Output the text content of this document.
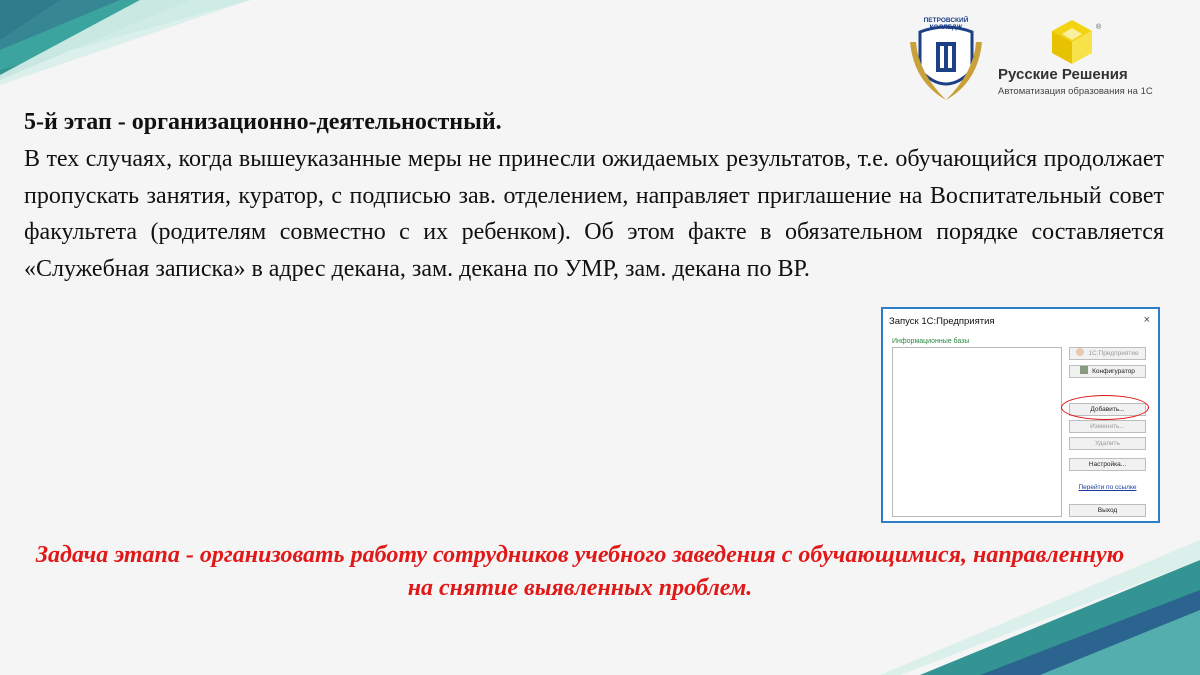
ПЕТРОВСКИЙ
КОЛЛЕДЖ	®
Русские Решения
Автоматизация образования на 1С
5-й этап - организационно-деятельностный.
В тех случаях, когда вышеуказанные меры не принесли ожидаемых результатов, т.е. обучающийся продолжает пропускать занятия, куратор, с подписью зав. отделением, направляет приглашение на Воспитательный совет факультета (родителям совместно с их ребенком). Об этом факте в обязательном порядке составляется «Служебная записка» в адрес декана, зам. декана по УМР, зам. декана по ВР.
Запуск 1С:Предприятия	×
Информационные базы
1С:Предприятие
Конфигуратор
Добавить...
Изменить...
Удалить
Настройка...
Перейти по ссылке
Выход
Задача этапа - организовать работу сотрудников учебного заведения с обучающимися, направленную на снятие выявленных проблем.
